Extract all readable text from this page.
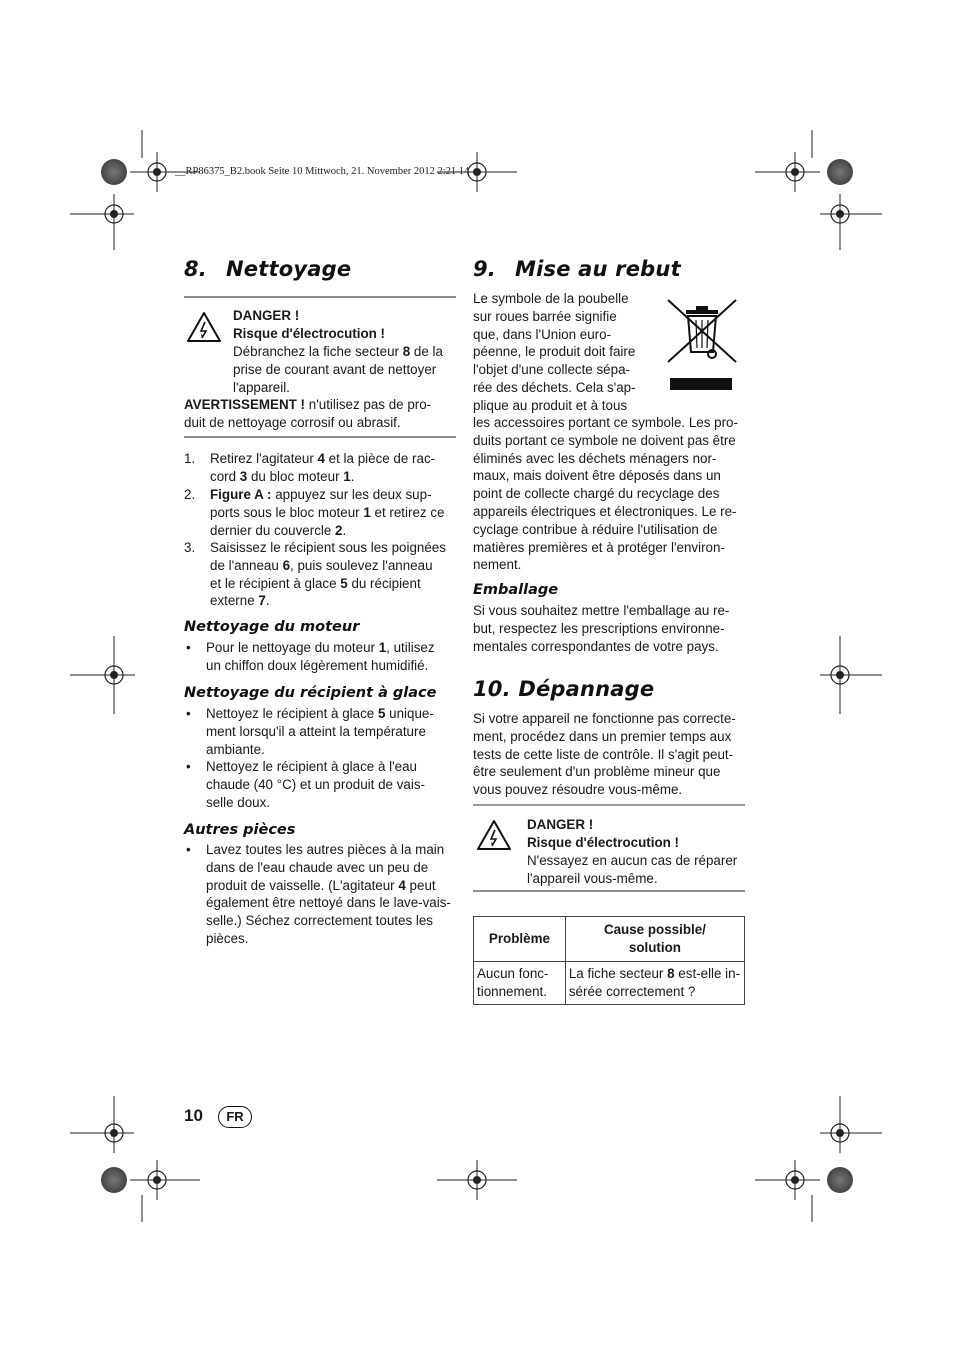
__RP86375_B2.book Seite 10 Mittwoch, 21. November 2012 2:21 14
8. Nettoyage
DANGER !
Risque d'électrocution !
Débranchez la fiche secteur 8 de la
prise de courant avant de nettoyer
l'appareil.
AVERTISSEMENT ! n'utilisez pas de pro-
duit de nettoyage corrosif ou abrasif.
1. Retirez l'agitateur 4 et la pièce de rac-
cord 3 du bloc moteur 1.
2. Figure A : appuyez sur les deux sup-
ports sous le bloc moteur 1 et retirez ce
dernier du couvercle 2.
3. Saisissez le récipient sous les poignées
de l'anneau 6, puis soulevez l'anneau
et le récipient à glace 5 du récipient
externe 7.
Nettoyage du moteur
• Pour le nettoyage du moteur 1, utilisez
un chiffon doux légèrement humidifié.
Nettoyage du récipient à glace
• Nettoyez le récipient à glace 5 unique-
ment lorsqu'il a atteint la température
ambiante.
• Nettoyez le récipient à glace à l'eau
chaude (40 °C) et un produit de vais-
selle doux.
Autres pièces
• Lavez toutes les autres pièces à la main
dans de l'eau chaude avec un peu de
produit de vaisselle. (L'agitateur 4 peut
également être nettoyé dans le lave-vais-
selle.) Séchez correctement toutes les
pièces.
9. Mise au rebut
Le symbole de la poubelle
sur roues barrée signifie
que, dans l'Union euro-
péenne, le produit doit faire
l'objet d'une collecte sépa-
rée des déchets. Cela s'ap-
plique au produit et à tous
les accessoires portant ce symbole. Les pro-
duits portant ce symbole ne doivent pas être
éliminés avec les déchets ménagers nor-
maux, mais doivent être déposés dans un
point de collecte chargé du recyclage des
appareils électriques et électroniques. Le re-
cyclage contribue à réduire l'utilisation de
matières premières et à protéger l'environ-
nement.
Emballage
Si vous souhaitez mettre l'emballage au re-
but, respectez les prescriptions environne-
mentales correspondantes de votre pays.
10. Dépannage
Si votre appareil ne fonctionne pas correcte-
ment, procédez dans un premier temps aux
tests de cette liste de contrôle. Il s'agit peut-
être seulement d'un problème mineur que
vous pouvez résoudre vous-même.
DANGER !
Risque d'électrocution !
N'essayez en aucun cas de réparer
l'appareil vous-même.
Problème	Cause possible/
solution
Aucun fonc-
tionnement.	La fiche secteur 8 est-elle in-
sérée correctement ?
10	FR
